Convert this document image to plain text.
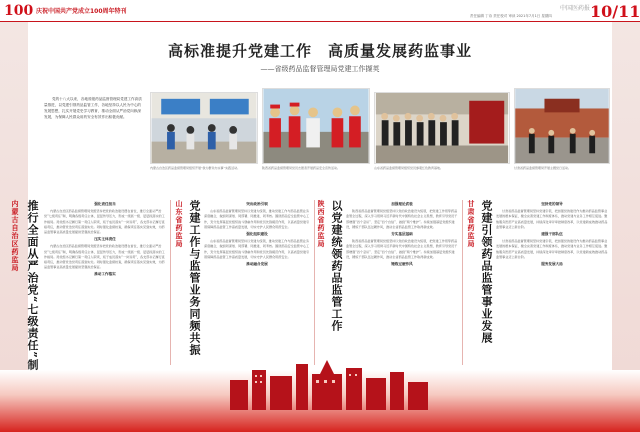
100 庆祝中国共产党成立100周年特刊
责任编辑 丁诗 责任校对 审读 2021年7月1日 星期四
中国医药报 10/11
高标准提升党建工作　高质量发展药监事业
——省级药品监督管理局党建工作撷英
党的十八大以来，各地省级药品监督管理局党建工作高质量推进，以党建引领药品监管工作，各地坚持以人民为中心的发展思想，扎实开展党史学习教育，推动全面从严治党向纵深发展，为保障人民群众用药安全有效作出积极贡献。
内蒙古自治区药品监督管理局组织开展“我为群众办实事”实践活动。	山东省药品监督管理局组织党员参观红色教育基地。	甘肃省药品监督管理局开展主题党日活动。
陕西省药品监督管理局党员志愿者开展药品安全宣传活动。
内蒙古自治区药监局 推行全面从严治党“七级责任”制	强化责任担当

内蒙古自治区药品监督管理局党组坚持把党的政治建设摆在首位，推行全面从严治党“七级责任”制，明确各级责任主体，层层传导压力，形成一级抓一级、层层抓落实的工作格局。局党组书记履行第一责任人职责，班子成员落实“一岗双责”，各支部书记履行直接责任，推动管党治党责任落到实处。同时强化监督检查，确保责任落实见到实效，为药品监管事业高质量发展提供坚强政治保证。

压实主体责任

内蒙古自治区药品监督管理局党组坚持把党的政治建设摆在首位，推行全面从严治党“七级责任”制，明确各级责任主体，层层传导压力，形成一级抓一级、层层抓落实的工作格局。局党组书记履行第一责任人职责，班子成员落实“一岗双责”，各支部书记履行直接责任，推动管党治党责任落到实处。同时强化监督检查，确保责任落实见到实效，为药品监管事业高质量发展提供坚强政治保证。

推动工作落实
山东省药监局 党建工作与监管业务同频共振	突出政治引领

山东省药品监督管理局坚持以党建为统领，推动党建工作与药品监管业务深度融合，做到同谋划、同部署、同推进、同考核。围绕药品安全监管中心工作，充分发挥基层党组织战斗堡垒作用和党员先锋模范作用，以高质量党建引领保障药品监管工作高质量发展，切实守护人民群众用药安全。

强化组织建设

山东省药品监督管理局坚持以党建为统领，推动党建工作与药品监管业务深度融合，做到同谋划、同部署、同推进、同考核。围绕药品安全监管中心工作，充分发挥基层党组织战斗堡垒作用和党员先锋模范作用，以高质量党建引领保障药品监管工作高质量发展，切实守护人民群众用药安全。

推动融合发展
陕西省药监局 以党建统领药品监管工作	加强理论武装

陕西省药品监督管理局党组坚持以党的政治建设为统领，把党建工作贯穿药品监管全过程，深入学习贯彻习近平新时代中国特色社会主义思想，教育引导党员干部增强“四个意识”、坚定“四个自信”、做到“两个维护”。持续加强基层党组织建设，锤炼干部队伍过硬作风，推动全省药品监管工作取得新成效。

夯实基层基础

陕西省药品监督管理局党组坚持以党的政治建设为统领，把党建工作贯穿药品监管全过程，深入学习贯彻习近平新时代中国特色社会主义思想，教育引导党员干部增强“四个意识”、坚定“四个自信”、做到“两个维护”。持续加强基层党组织建设，锤炼干部队伍过硬作风，推动全省药品监管工作取得新成效。

锤炼过硬作风
甘肃省药监局 党建引领药品监管事业发展	坚持党的领导

甘肃省药品监督管理局坚持党建引领，把加强党的建设作为推动药品监管事业发展的根本保证，健全完善党建工作制度体系，推动党建与业务工作相互促进。聚焦服务医药产业高质量发展，持续深化审评审批制度改革，以党建新成效推动药品监管事业迈上新台阶。

建强干部队伍

甘肃省药品监督管理局坚持党建引领，把加强党的建设作为推动药品监管事业发展的根本保证，健全完善党建工作制度体系，推动党建与业务工作相互促进。聚焦服务医药产业高质量发展，持续深化审评审批制度改革，以党建新成效推动药品监管事业迈上新台阶。

服务发展大局
